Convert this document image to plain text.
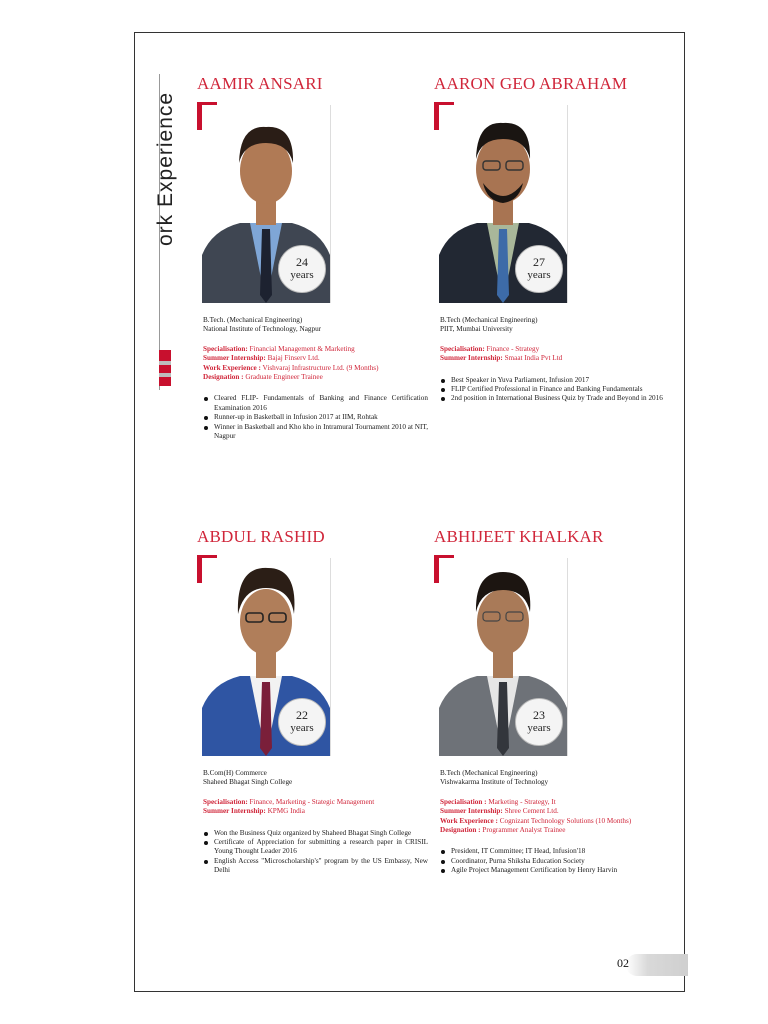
ork Experience
AAMIR ANSARI
24
years
B.Tech. (Mechanical Engineering)
National Institute of Technology, Nagpur
Specialisation: Financial Management & Marketing
Summer Internship: Bajaj Finserv Ltd.
Work Experience : Vishvaraj Infrastructure Ltd. (9 Months)
Designation : Graduate Engineer Trainee
Cleared FLIP- Fundamentals of Banking and Finance Certification Examination 2016
Runner-up in Basketball in Infusion 2017 at IIM, Rohtak
Winner in Basketball and Kho kho in Intramural Tournament 2010 at NIT, Nagpur
AARON GEO ABRAHAM
27
years
B.Tech (Mechanical Engineering)
PIIT, Mumbai University
Specialisation: Finance - Strategy
Summer Internship: Smaat India Pvt Ltd
Best Speaker in Yuva Parliament, Infusion 2017
FLIP Certified Professional in Finance and Banking Fundamentals
2nd position in International Business Quiz by Trade and Beyond in 2016
ABDUL RASHID
22
years
B.Com(H) Commerce
Shaheed Bhagat Singh College
Specialisation: Finance, Marketing - Stategic Management
Summer Internship: KPMG India
Won the Business Quiz organized by Shaheed Bhagat Singh College
Certificate of Appreciation for submitting a research paper in CRISIL Young Thought Leader 2016
English Access "Microscholarship's" program by the US Embassy, New Delhi
ABHIJEET KHALKAR
23
years
B.Tech (Mechanical Engineering)
Vishwakarma Institute of Technology
Specialisation : Marketing - Strategy, It
Summer Internship: Shree Cement Ltd.
Work Experience : Cognizant Technology Solutions (10 Months)
Designation : Programmer Analyst Trainee
President, IT Committee; IT Head, Infusion'18
Coordinator, Purna Shiksha Education Society
Agile Project Management Certification by Henry Harvin
02
